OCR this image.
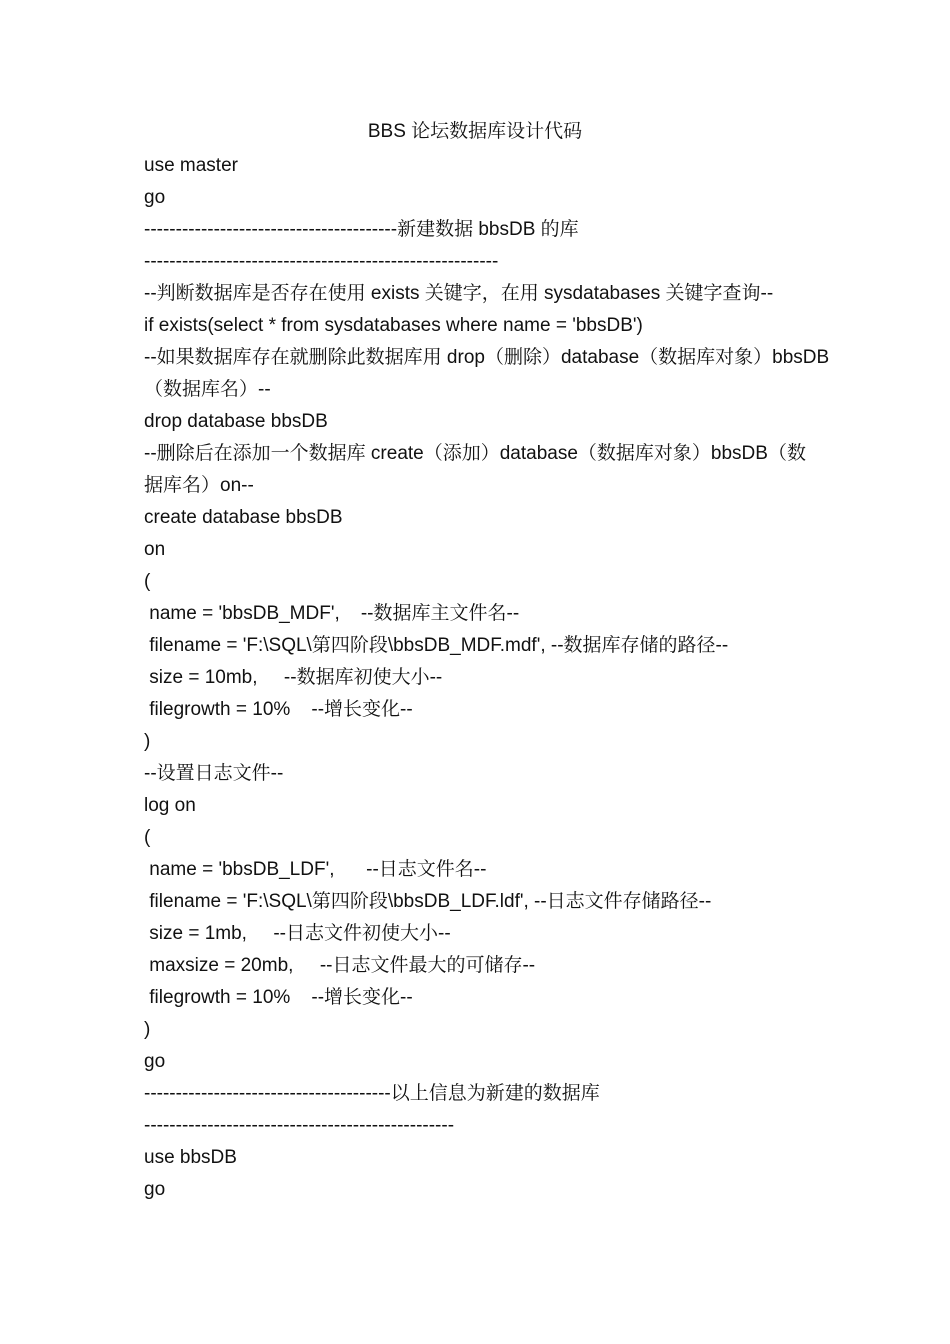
BBS 论坛数据库设计代码
use master
go
----------------------------------------新建数据 bbsDB 的库
--------------------------------------------------------
--判断数据库是否存在使用 exists 关键字，在用 sysdatabases 关键字查询--
if exists(select * from sysdatabases where name = 'bbsDB')
--如果数据库存在就删除此数据库用 drop（删除）database（数据库对象）bbsDB
（数据库名）--
drop database bbsDB
--删除后在添加一个数据库 create（添加）database（数据库对象）bbsDB（数
据库名）on--
create database bbsDB
on
(
name = 'bbsDB_MDF',    --数据库主文件名--
filename = 'F:\SQL\第四阶段\bbsDB_MDF.mdf', --数据库存储的路径--
size = 10mb,     --数据库初使大小--
filegrowth = 10%    --增长变化--
)
--设置日志文件--
log on
(
name = 'bbsDB_LDF',      --日志文件名--
filename = 'F:\SQL\第四阶段\bbsDB_LDF.ldf', --日志文件存储路径--
size = 1mb,     --日志文件初使大小--
maxsize = 20mb,     --日志文件最大的可储存--
filegrowth = 10%    --增长变化--
)
go
---------------------------------------以上信息为新建的数据库
-------------------------------------------------
use bbsDB
go
